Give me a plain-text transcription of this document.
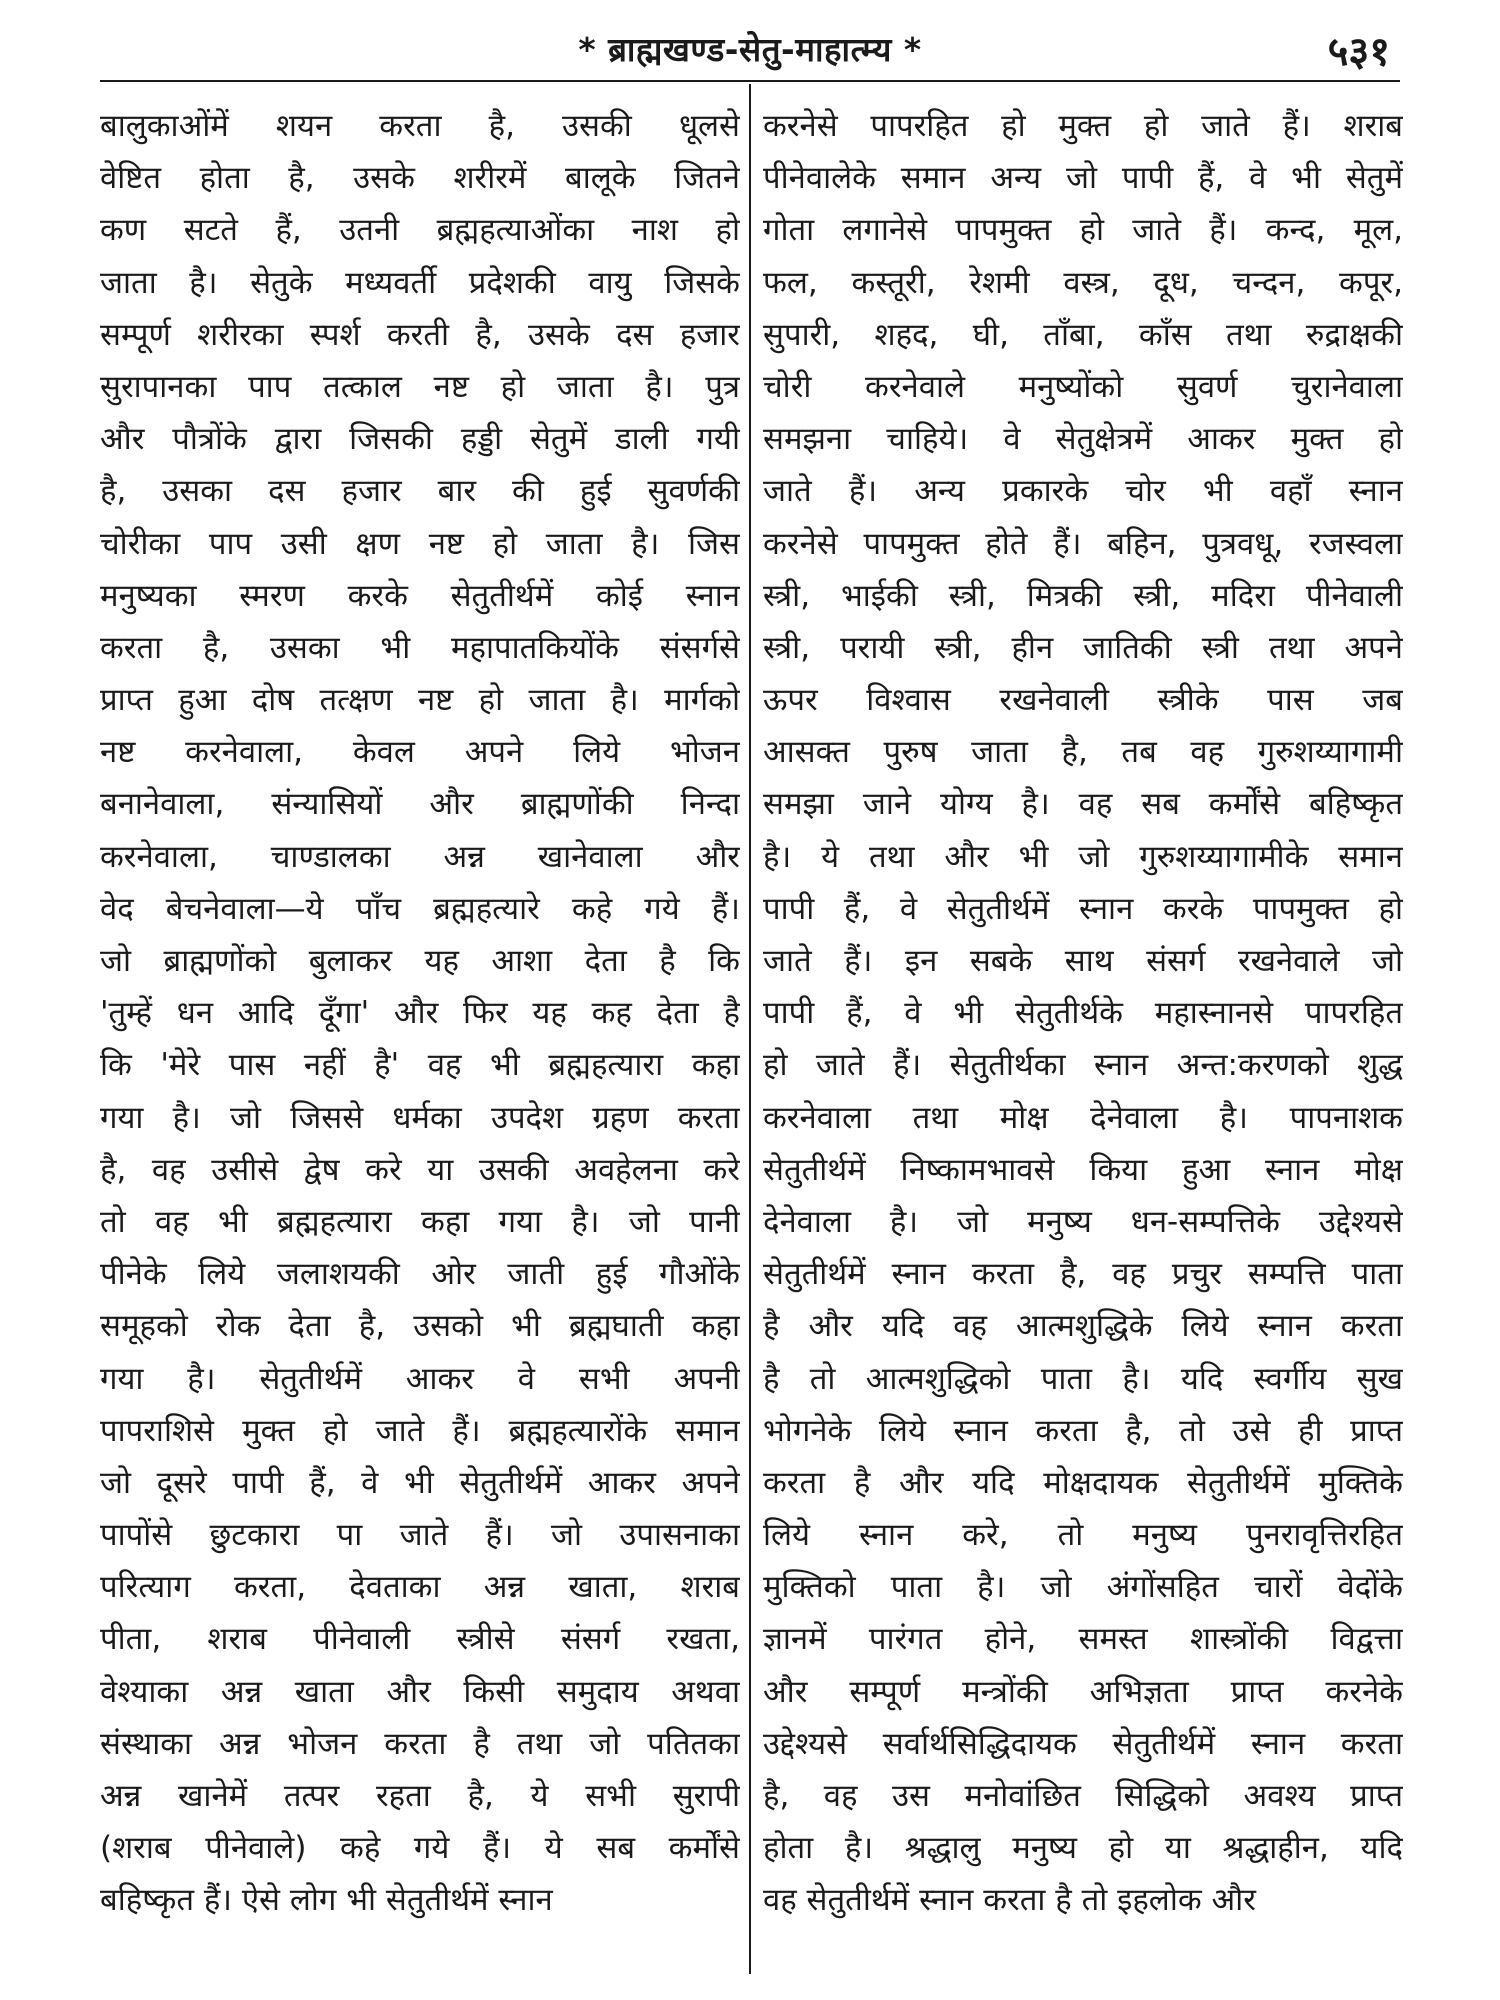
* ब्राह्मखण्ड-सेतु-माहात्म्य *	५३१
बालुकाओंमें शयन करता है, उसकी धूलसे
वेष्टित होता है, उसके शरीरमें बालूके जितने
कण सटते हैं, उतनी ब्रह्महत्याओंका नाश हो
जाता है। सेतुके मध्यवर्ती प्रदेशकी वायु जिसके
सम्पूर्ण शरीरका स्पर्श करती है, उसके दस हजार
सुरापानका पाप तत्काल नष्ट हो जाता है। पुत्र
और पौत्रोंके द्वारा जिसकी हड्डी सेतुमें डाली गयी
है, उसका दस हजार बार की हुई सुवर्णकी
चोरीका पाप उसी क्षण नष्ट हो जाता है। जिस
मनुष्यका स्मरण करके सेतुतीर्थमें कोई स्नान
करता है, उसका भी महापातकियोंके संसर्गसे
प्राप्त हुआ दोष तत्क्षण नष्ट हो जाता है। मार्गको
नष्ट करनेवाला, केवल अपने लिये भोजन
बनानेवाला, संन्यासियों और ब्राह्मणोंकी निन्दा
करनेवाला, चाण्डालका अन्न खानेवाला और
वेद बेचनेवाला—ये पाँच ब्रह्महत्यारे कहे गये हैं।
जो ब्राह्मणोंको बुलाकर यह आशा देता है कि
'तुम्हें धन आदि दूँगा' और फिर यह कह देता है
कि 'मेरे पास नहीं है' वह भी ब्रह्महत्यारा कहा
गया है। जो जिससे धर्मका उपदेश ग्रहण करता
है, वह उसीसे द्वेष करे या उसकी अवहेलना करे
तो वह भी ब्रह्महत्यारा कहा गया है। जो पानी
पीनेके लिये जलाशयकी ओर जाती हुई गौओंके
समूहको रोक देता है, उसको भी ब्रह्मघाती कहा
गया है। सेतुतीर्थमें आकर वे सभी अपनी
पापराशिसे मुक्त हो जाते हैं। ब्रह्महत्यारोंके समान
जो दूसरे पापी हैं, वे भी सेतुतीर्थमें आकर अपने
पापोंसे छुटकारा पा जाते हैं। जो उपासनाका
परित्याग करता, देवताका अन्न खाता, शराब
पीता, शराब पीनेवाली स्त्रीसे संसर्ग रखता,
वेश्याका अन्न खाता और किसी समुदाय अथवा
संस्थाका अन्न भोजन करता है तथा जो पतितका
अन्न खानेमें तत्पर रहता है, ये सभी सुरापी
(शराब पीनेवाले) कहे गये हैं। ये सब कर्मोंसे
बहिष्कृत हैं। ऐसे लोग भी सेतुतीर्थमें स्नान
करनेसे पापरहित हो मुक्त हो जाते हैं। शराब
पीनेवालेके समान अन्य जो पापी हैं, वे भी सेतुमें
गोता लगानेसे पापमुक्त हो जाते हैं। कन्द, मूल,
फल, कस्तूरी, रेशमी वस्त्र, दूध, चन्दन, कपूर,
सुपारी, शहद, घी, ताँबा, काँस तथा रुद्राक्षकी
चोरी करनेवाले मनुष्योंको सुवर्ण चुरानेवाला
समझना चाहिये। वे सेतुक्षेत्रमें आकर मुक्त हो
जाते हैं। अन्य प्रकारके चोर भी वहाँ स्नान
करनेसे पापमुक्त होते हैं। बहिन, पुत्रवधू, रजस्वला
स्त्री, भाईकी स्त्री, मित्रकी स्त्री, मदिरा पीनेवाली
स्त्री, परायी स्त्री, हीन जातिकी स्त्री तथा अपने
ऊपर विश्वास रखनेवाली स्त्रीके पास जब
आसक्त पुरुष जाता है, तब वह गुरुशय्यागामी
समझा जाने योग्य है। वह सब कर्मोंसे बहिष्कृत
है। ये तथा और भी जो गुरुशय्यागामीके समान
पापी हैं, वे सेतुतीर्थमें स्नान करके पापमुक्त हो
जाते हैं। इन सबके साथ संसर्ग रखनेवाले जो
पापी हैं, वे भी सेतुतीर्थके महास्नानसे पापरहित
हो जाते हैं। सेतुतीर्थका स्नान अन्त:करणको शुद्ध
करनेवाला तथा मोक्ष देनेवाला है। पापनाशक
सेतुतीर्थमें निष्कामभावसे किया हुआ स्नान मोक्ष
देनेवाला है। जो मनुष्य धन-सम्पत्तिके उद्देश्यसे
सेतुतीर्थमें स्नान करता है, वह प्रचुर सम्पत्ति पाता
है और यदि वह आत्मशुद्धिके लिये स्नान करता
है तो आत्मशुद्धिको पाता है। यदि स्वर्गीय सुख
भोगनेके लिये स्नान करता है, तो उसे ही प्राप्त
करता है और यदि मोक्षदायक सेतुतीर्थमें मुक्तिके
लिये स्नान करे, तो मनुष्य पुनरावृत्तिरहित
मुक्तिको पाता है। जो अंगोंसहित चारों वेदोंके
ज्ञानमें पारंगत होने, समस्त शास्त्रोंकी विद्वत्ता
और सम्पूर्ण मन्त्रोंकी अभिज्ञता प्राप्त करनेके
उद्देश्यसे सर्वार्थसिद्धिदायक सेतुतीर्थमें स्नान करता
है, वह उस मनोवांछित सिद्धिको अवश्य प्राप्त
होता है। श्रद्धालु मनुष्य हो या श्रद्धाहीन, यदि
वह सेतुतीर्थमें स्नान करता है तो इहलोक और
